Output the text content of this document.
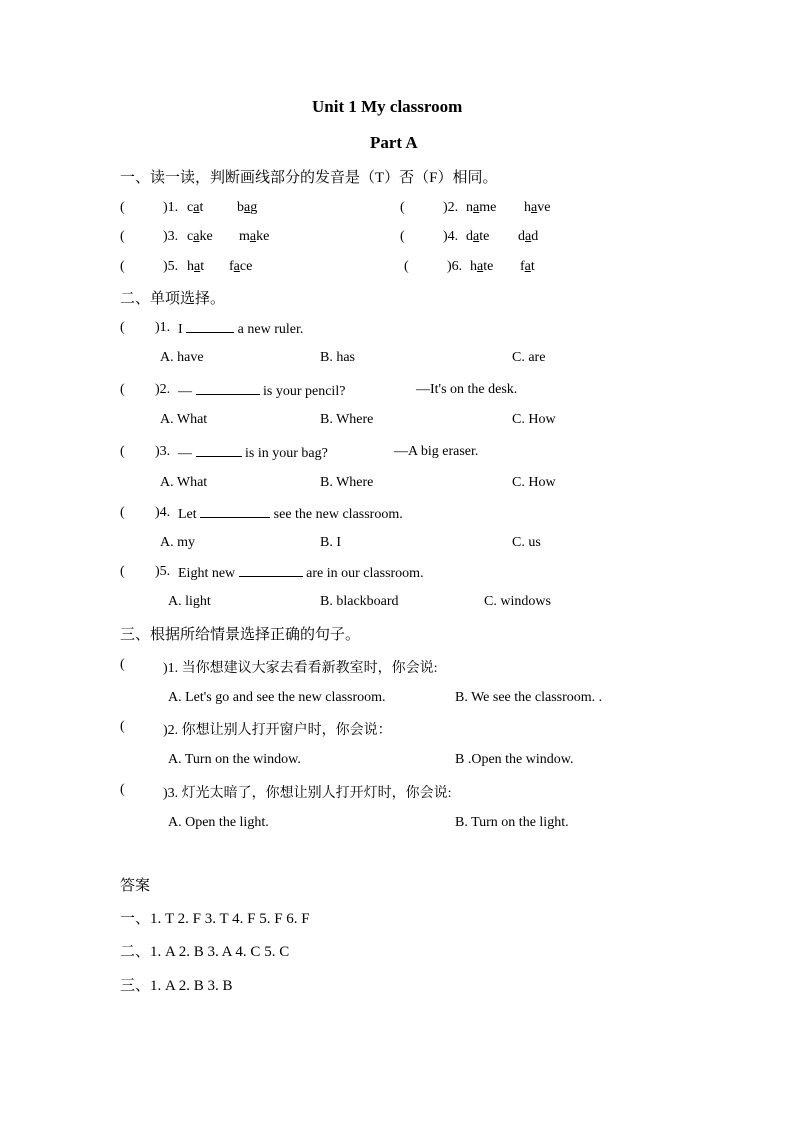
Unit 1 My classroom
Part A
一、读一读，判断画线部分的发音是（T）否（F）相同。
(	)1. cat bag	(	)2. name have
(	)3. cake make	(	)4. date dad
(	)5. hat face	(	)6. hate fat
二、单项选择。
( )1. I	a new ruler.
A. have	B. has	C. are
( )2. —	is your pencil?	—It's on the desk.
A. What	B. Where	C. How
( )3. —	is in your bag?	—A big eraser.
A. What	B. Where	C. How
( )4. Let	see the new classroom.
A. my	B. I	C. us
( )5. Eight new	are in our classroom.
A. light	B. blackboard	C. windows
三、根据所给情景选择正确的句子。
(	)1. 当你想建议大家去看看新教室时，你会说:
A. Let's go and see the new classroom.	B. We see the classroom. .
(	)2. 你想让别人打开窗户时，你会说：
A. Turn on the window.	B .Open the window.
(	)3. 灯光太暗了，你想让别人打开灯时，你会说:
A. Open the light.	B. Turn on the light.
答案
一、1. T 2. F 3. T 4. F 5. F 6. F
二、1. A 2. B 3. A 4. C 5. C
三、1. A 2. B 3. B
